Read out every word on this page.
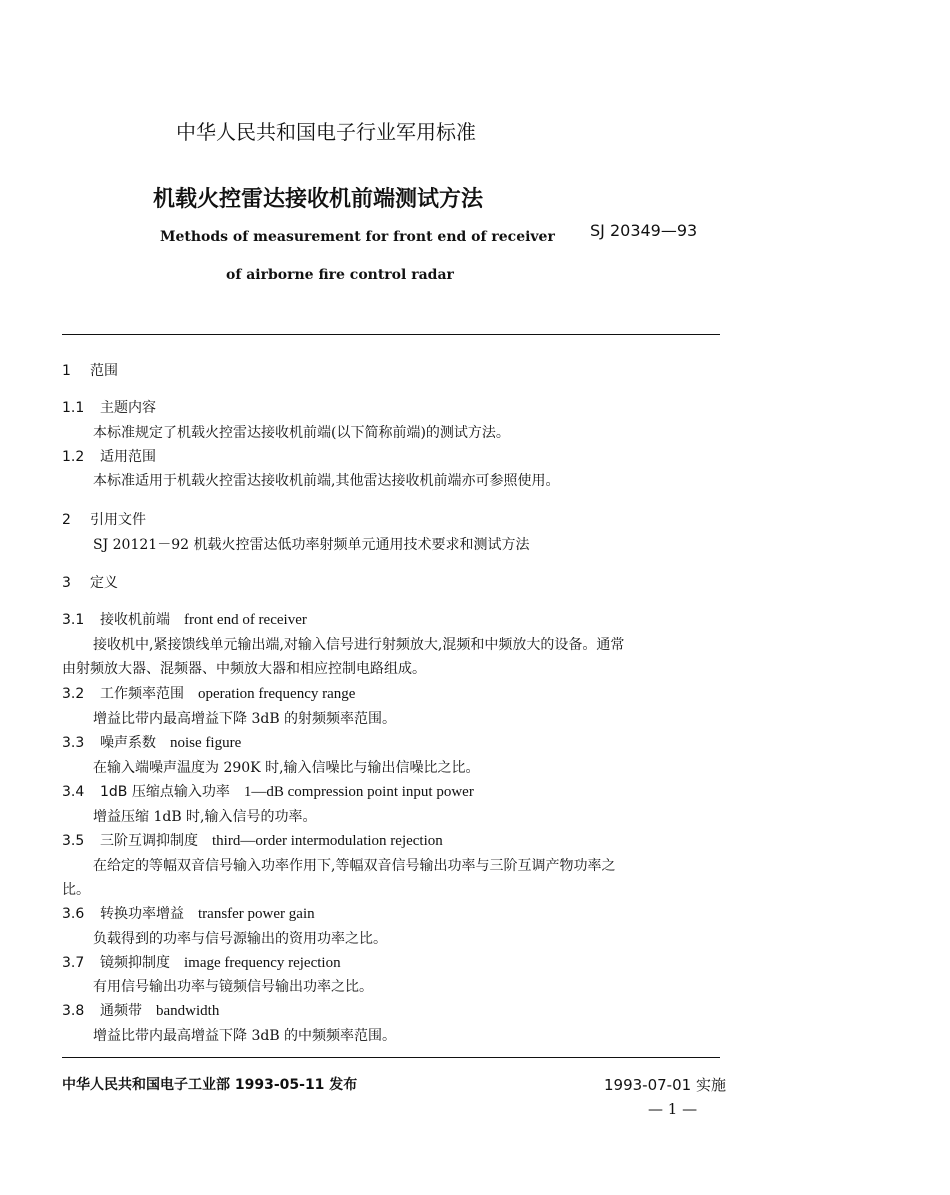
中华人民共和国电子行业军用标准
机载火控雷达接收机前端测试方法
Methods of measurement for front end of receiver SJ 20349—93
of airborne fire control radar
1 范围
1.1 主题内容
本标准规定了机载火控雷达接收机前端(以下简称前端)的测试方法。
1.2 适用范围
本标准适用于机载火控雷达接收机前端,其他雷达接收机前端亦可参照使用。
2 引用文件
SJ 20121－92 机载火控雷达低功率射频单元通用技术要求和测试方法
3 定义
3.1 接收机前端 front end of receiver
接收机中,紧接馈线单元输出端,对输入信号进行射频放大,混频和中频放大的设备。通常
由射频放大器、混频器、中频放大器和相应控制电路组成。
3.2 工作频率范围 operation frequency range
增益比带内最高增益下降 3dB 的射频频率范围。
3.3 噪声系数 noise figure
在输入端噪声温度为 290K 时,输入信噪比与输出信噪比之比。
3.4 1dB 压缩点输入功率 1—dB compression point input power
增益压缩 1dB 时,输入信号的功率。
3.5 三阶互调抑制度 third—order intermodulation rejection
在给定的等幅双音信号输入功率作用下,等幅双音信号输出功率与三阶互调产物功率之
比。
3.6 转换功率增益 transfer power gain
负载得到的功率与信号源输出的资用功率之比。
3.7 镜频抑制度 image frequency rejection
有用信号输出功率与镜频信号输出功率之比。
3.8 通频带 bandwidth
增益比带内最高增益下降 3dB 的中频频率范围。
中华人民共和国电子工业部 1993-05-11 发布	1993-07-01 实施
— 1 —
